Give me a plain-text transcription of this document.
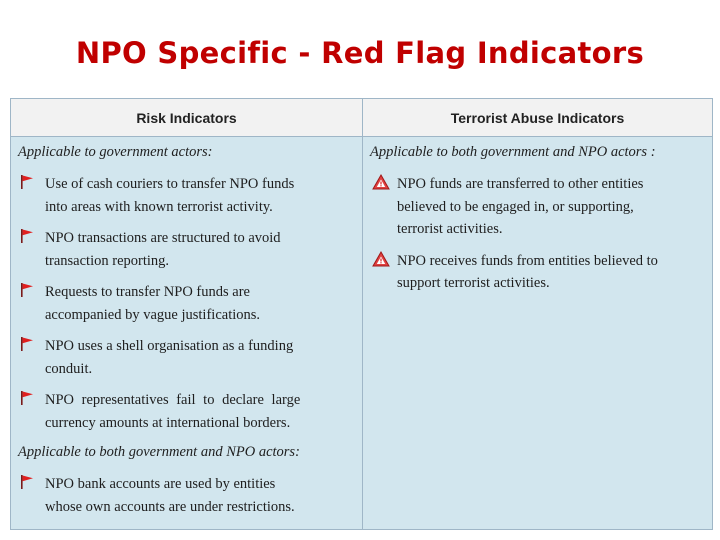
NPO Specific - Red Flag Indicators
Risk Indicators	Terrorist Abuse Indicators
Applicable to government actors:
Use of cash couriers to transfer NPO funds
into areas with known terrorist activity.
NPO transactions are structured to avoid
transaction reporting.
Requests to transfer NPO funds are
accompanied by vague justifications.
NPO uses a shell organisation as a funding
conduit.
NPO representatives fail to declare large
currency amounts at international borders.
Applicable to both government and NPO actors:
NPO bank accounts are used by entities
whose own accounts are under restrictions.
Applicable to both government and NPO actors :
NPO funds are transferred to other entities
believed to be engaged in, or supporting,
terrorist activities.
NPO receives funds from entities believed to
support terrorist activities.
